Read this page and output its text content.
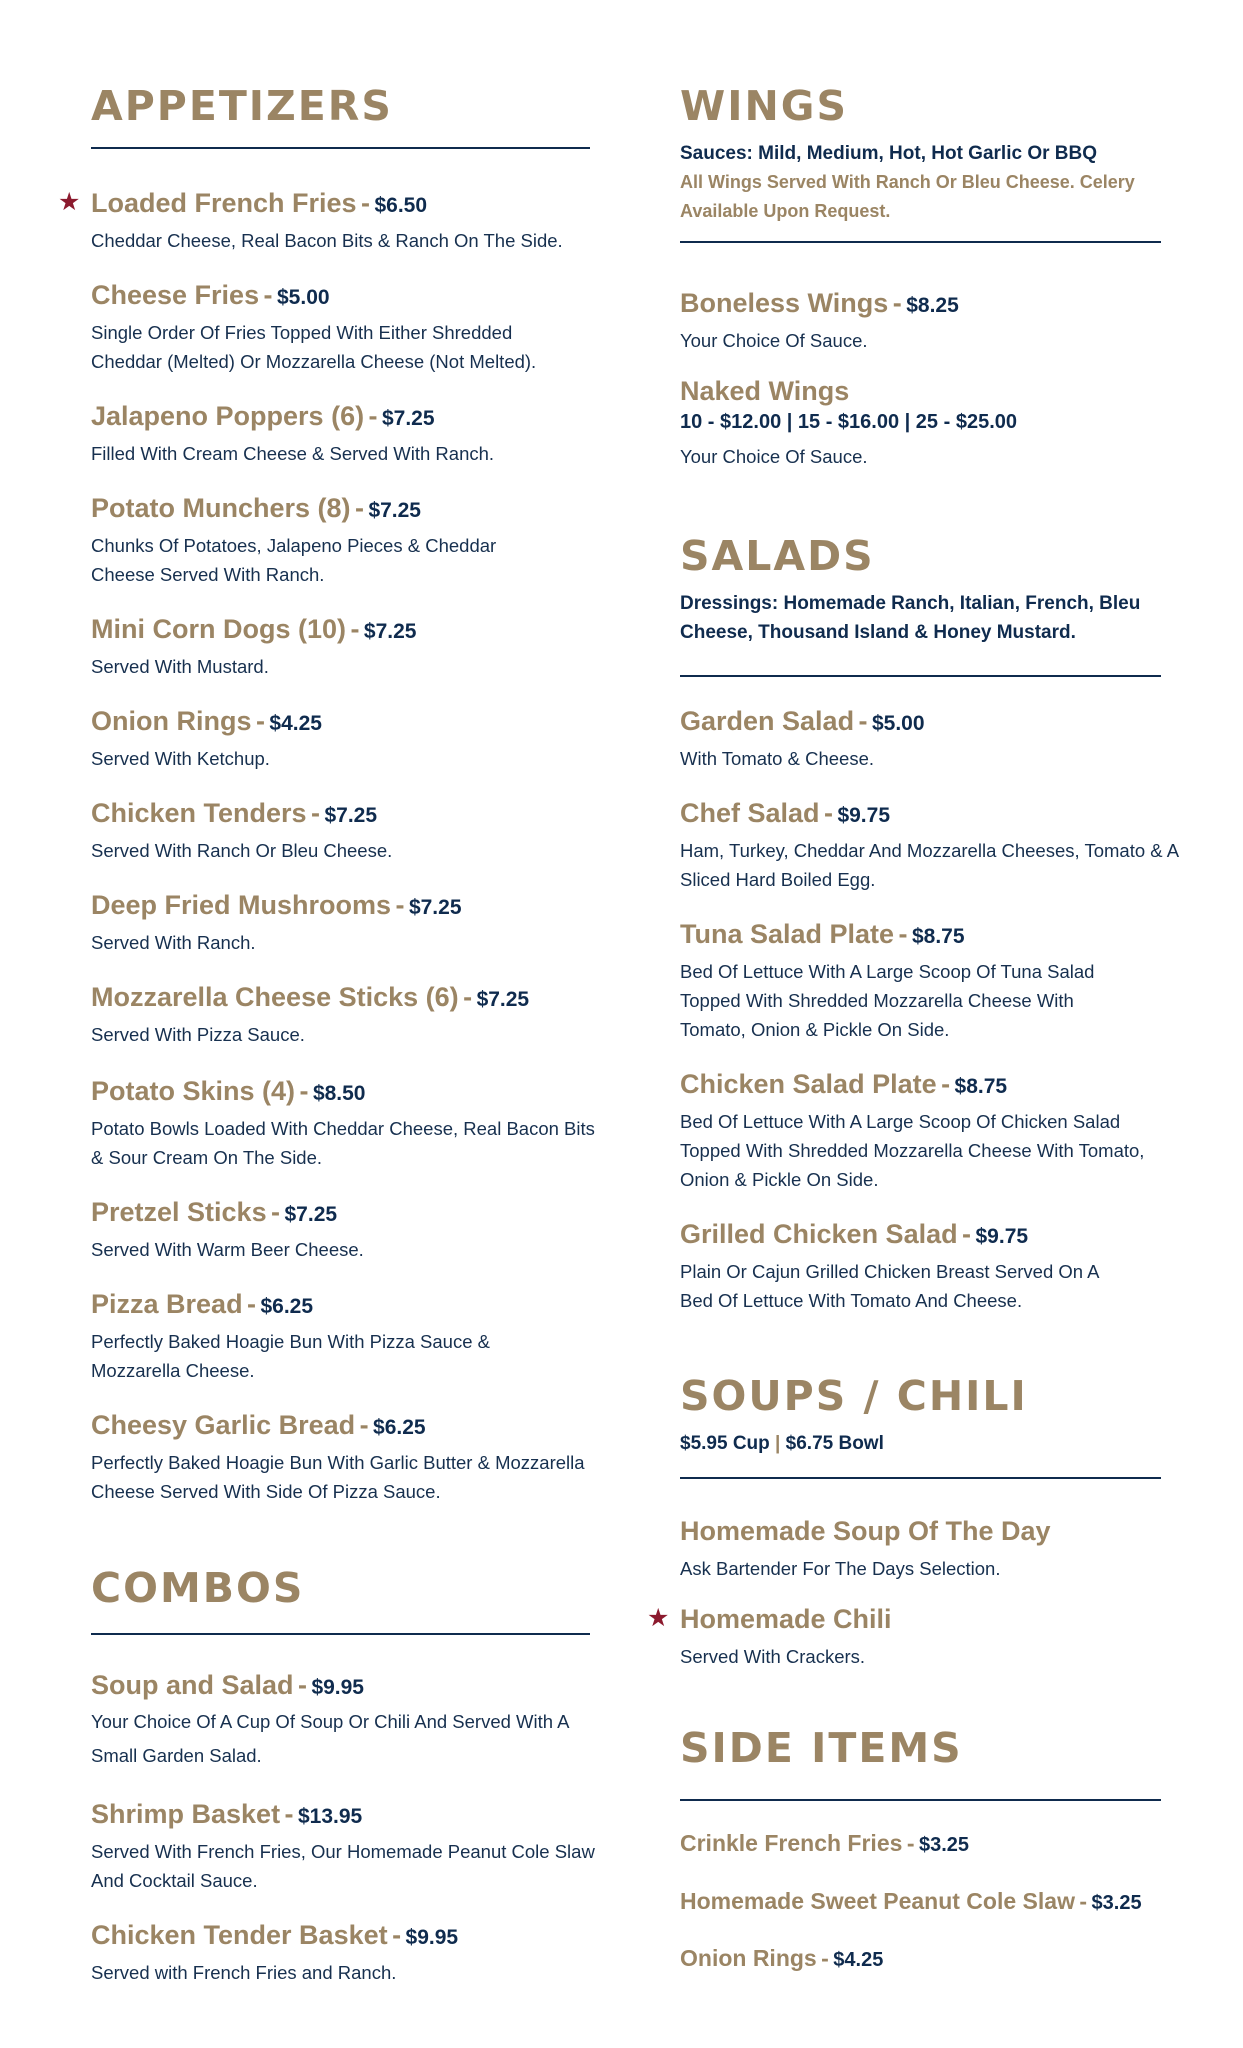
APPETIZERS
★ Loaded French Fries - $6.50
Cheddar Cheese, Real Bacon Bits & Ranch On The Side.
Cheese Fries - $5.00
Single Order Of Fries Topped With Either Shredded Cheddar (Melted) Or Mozzarella Cheese (Not Melted).
Jalapeno Poppers (6) - $7.25
Filled With Cream Cheese & Served With Ranch.
Potato Munchers (8) - $7.25
Chunks Of Potatoes, Jalapeno Pieces & Cheddar Cheese Served With Ranch.
Mini Corn Dogs (10) - $7.25
Served With Mustard.
Onion Rings - $4.25
Served With Ketchup.
Chicken Tenders - $7.25
Served With Ranch Or Bleu Cheese.
Deep Fried Mushrooms - $7.25
Served With Ranch.
Mozzarella Cheese Sticks (6) - $7.25
Served With Pizza Sauce.
Potato Skins (4) - $8.50
Potato Bowls Loaded With Cheddar Cheese, Real Bacon Bits & Sour Cream On The Side.
Pretzel Sticks - $7.25
Served With Warm Beer Cheese.
Pizza Bread - $6.25
Perfectly Baked Hoagie Bun With Pizza Sauce & Mozzarella Cheese.
Cheesy Garlic Bread - $6.25
Perfectly Baked Hoagie Bun With Garlic Butter & Mozzarella Cheese Served With Side Of Pizza Sauce.
COMBOS
Soup and Salad - $9.95
Your Choice Of A Cup Of Soup Or Chili And Served With A Small Garden Salad.
Shrimp Basket - $13.95
Served With French Fries, Our Homemade Peanut Cole Slaw And Cocktail Sauce.
Chicken Tender Basket - $9.95
Served with French Fries and Ranch.
WINGS
Sauces: Mild, Medium, Hot, Hot Garlic Or BBQ
All Wings Served With Ranch Or Bleu Cheese. Celery Available Upon Request.
Boneless Wings - $8.25
Your Choice Of Sauce.
Naked Wings
10 - $12.00 | 15 - $16.00 | 25 - $25.00
Your Choice Of Sauce.
SALADS
Dressings: Homemade Ranch, Italian, French, Bleu Cheese, Thousand Island & Honey Mustard.
Garden Salad - $5.00
With Tomato & Cheese.
Chef Salad - $9.75
Ham, Turkey, Cheddar And Mozzarella Cheeses, Tomato & A Sliced Hard Boiled Egg.
Tuna Salad Plate - $8.75
Bed Of Lettuce With A Large Scoop Of Tuna Salad Topped With Shredded Mozzarella Cheese With Tomato, Onion & Pickle On Side.
Chicken Salad Plate - $8.75
Bed Of Lettuce With A Large Scoop Of Chicken Salad Topped With Shredded Mozzarella Cheese With Tomato, Onion & Pickle On Side.
Grilled Chicken Salad - $9.75
Plain Or Cajun Grilled Chicken Breast Served On A Bed Of Lettuce With Tomato And Cheese.
SOUPS / CHILI
$5.95 Cup | $6.75 Bowl
Homemade Soup Of The Day
Ask Bartender For The Days Selection.
★ Homemade Chili
Served With Crackers.
SIDE ITEMS
Crinkle French Fries - $3.25
Homemade Sweet Peanut Cole Slaw - $3.25
Onion Rings - $4.25
